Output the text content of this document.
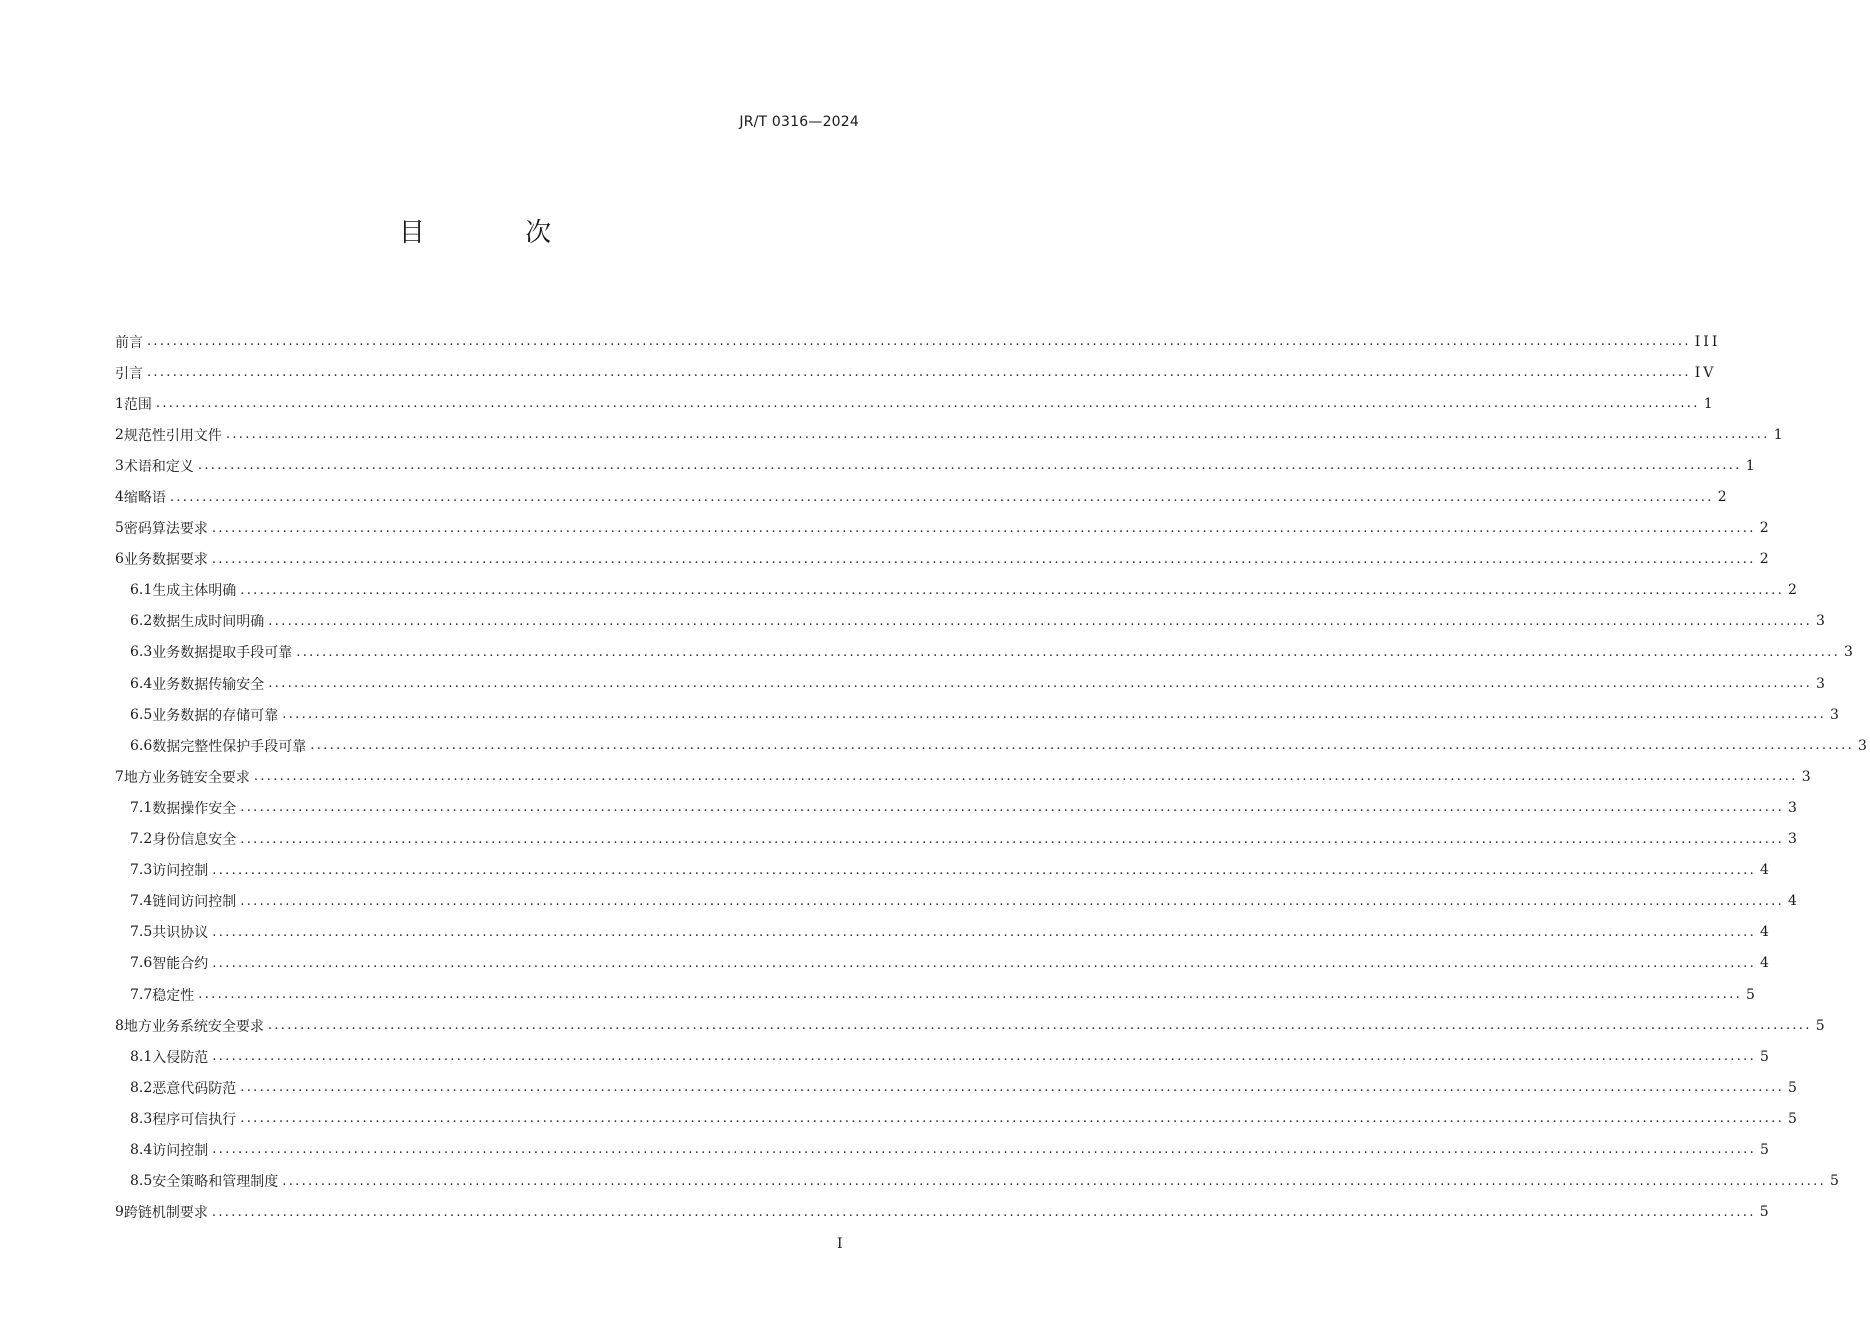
JR/T 0316—2024
目 次
前言 .....	III
引言 .....	IV
1 范围 .....	1
2 规范性引用文件 .....	1
3 术语和定义 .....	1
4 缩略语 .....	2
5 密码算法要求 .....	2
6 业务数据要求 .....	2
6.1 生成主体明确 .....	2
6.2 数据生成时间明确 .....	3
6.3 业务数据提取手段可靠 .....	3
6.4 业务数据传输安全 .....	3
6.5 业务数据的存储可靠 .....	3
6.6 数据完整性保护手段可靠 .....	3
7 地方业务链安全要求 .....	3
7.1 数据操作安全 .....	3
7.2 身份信息安全 .....	3
7.3 访问控制 .....	4
7.4 链间访问控制 .....	4
7.5 共识协议 .....	4
7.6 智能合约 .....	4
7.7 稳定性 .....	5
8 地方业务系统安全要求 .....	5
8.1 入侵防范 .....	5
8.2 恶意代码防范 .....	5
8.3 程序可信执行 .....	5
8.4 访问控制 .....	5
8.5 安全策略和管理制度 .....	5
9 跨链机制要求 .....	5
I
